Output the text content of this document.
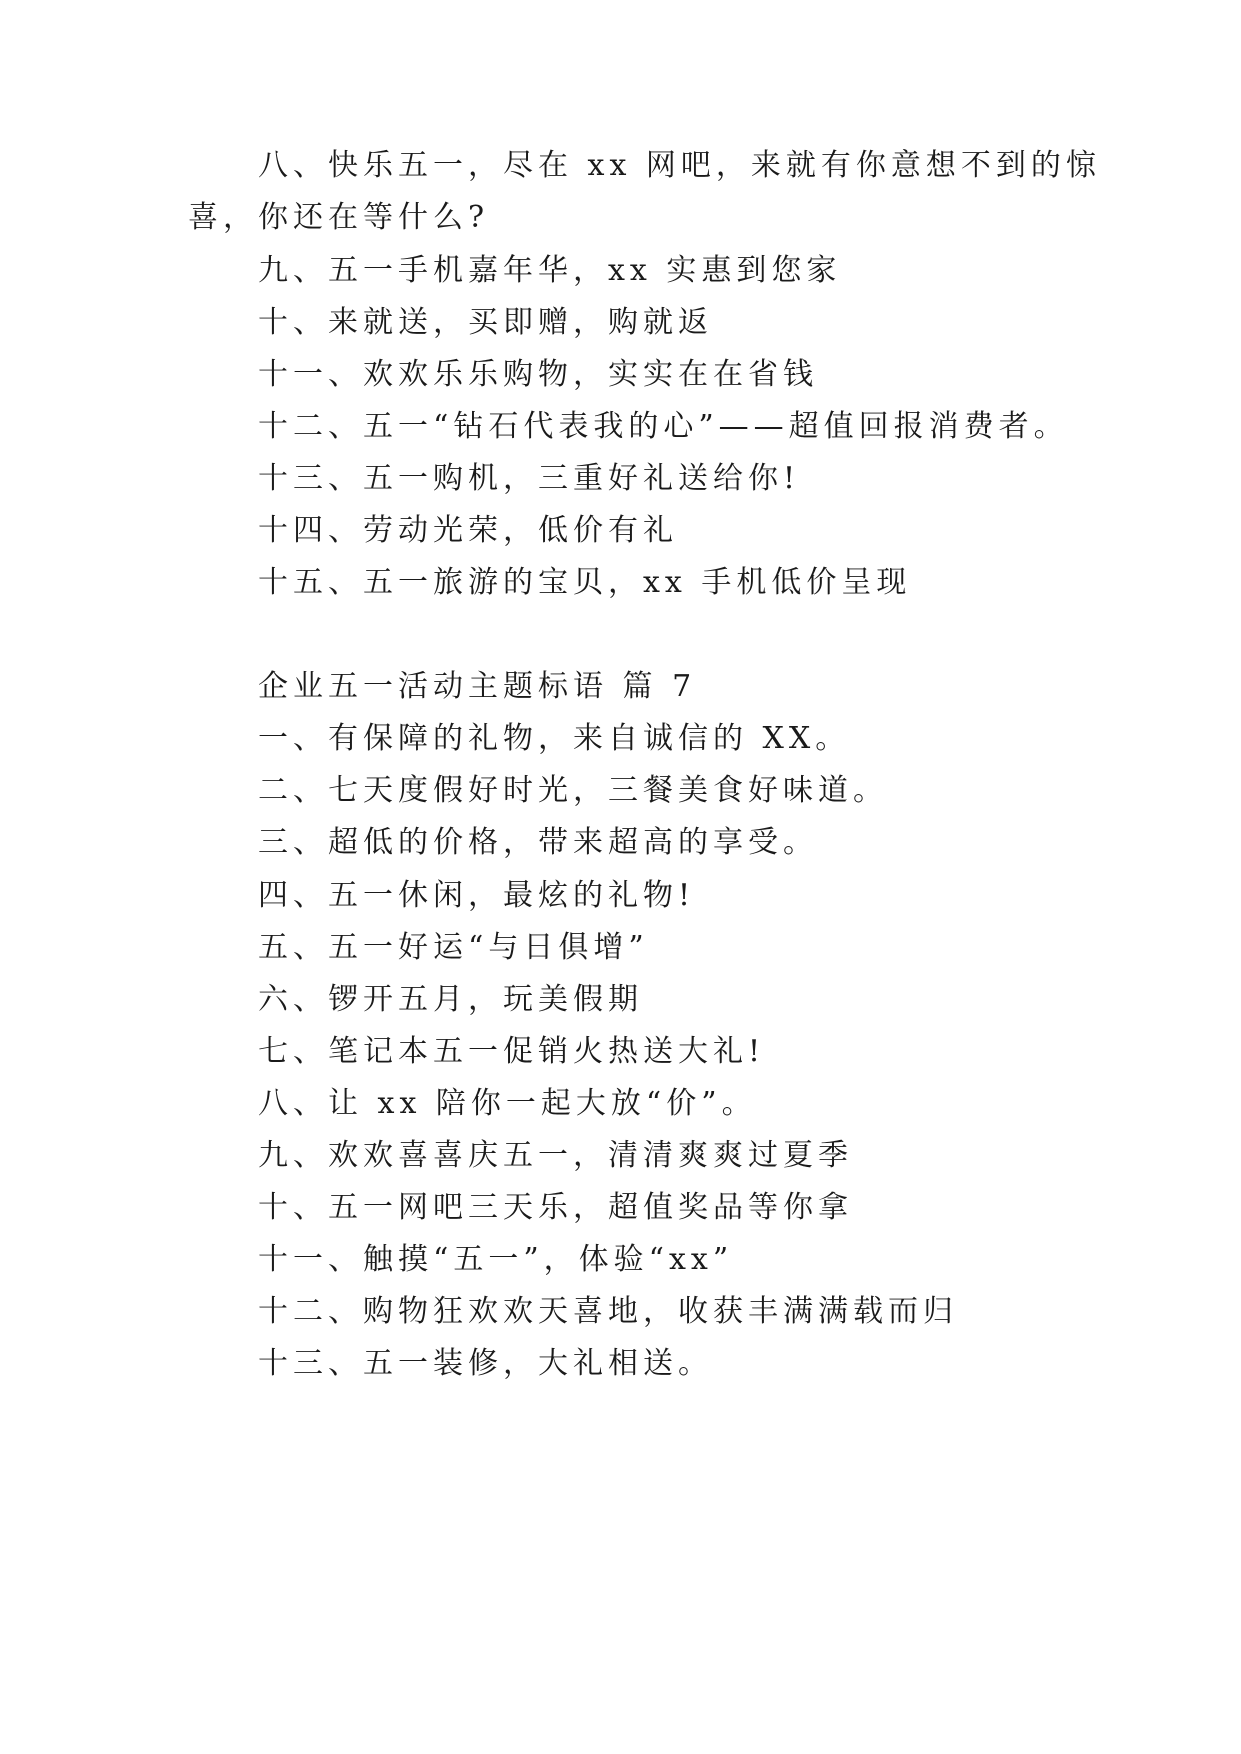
八、快乐五一，尽在 xx 网吧，来就有你意想不到的惊
喜，你还在等什么?
九、五一手机嘉年华，xx 实惠到您家
十、来就送，买即赠，购就返
十一、欢欢乐乐购物，实实在在省钱
十二、五一“钻石代表我的心”——超值回报消费者。
十三、五一购机，三重好礼送给你!
十四、劳动光荣，低价有礼
十五、五一旅游的宝贝，xx 手机低价呈现
企业五一活动主题标语 篇 7
一、有保障的礼物，来自诚信的 XX。
二、七天度假好时光，三餐美食好味道。
三、超低的价格，带来超高的享受。
四、五一休闲，最炫的礼物!
五、五一好运“与日俱增”
六、锣开五月，玩美假期
七、笔记本五一促销火热送大礼!
八、让 xx 陪你一起大放“价”。
九、欢欢喜喜庆五一，清清爽爽过夏季
十、五一网吧三天乐，超值奖品等你拿
十一、触摸“五一”，体验“xx”
十二、购物狂欢欢天喜地，收获丰满满载而归
十三、五一装修，大礼相送。
